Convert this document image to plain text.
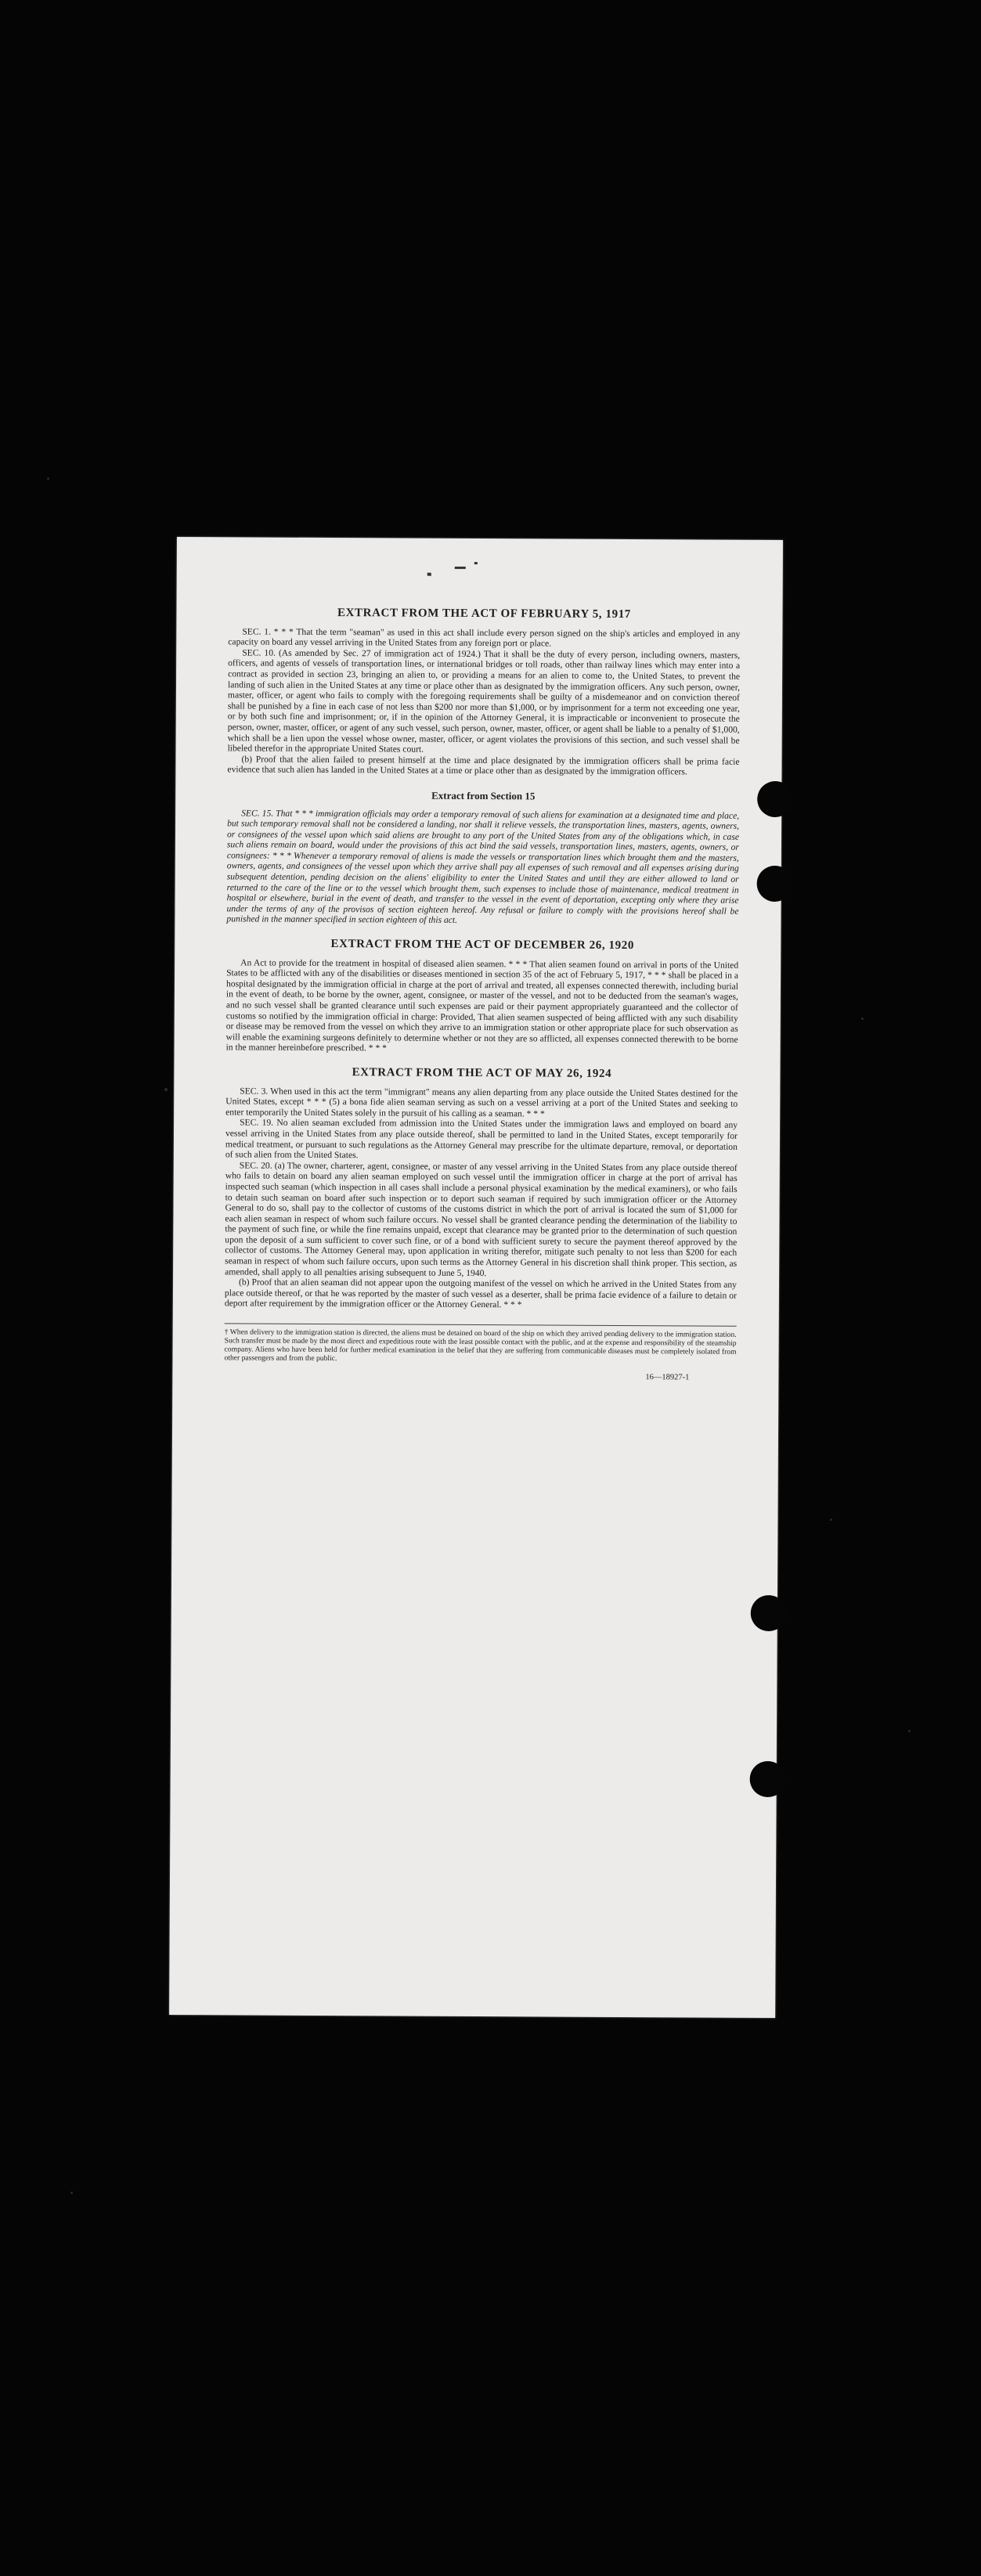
EXTRACT FROM THE ACT OF FEBRUARY 5, 1917

SEC. 1. * * * That the term "seaman" as used in this act shall include every person signed on the ship's articles and employed in any capacity on board any vessel arriving in the United States from any foreign port or place.

SEC. 10. (As amended by Sec. 27 of immigration act of 1924.) That it shall be the duty of every person, including owners, masters, officers, and agents of vessels of transportation lines, or international bridges or toll roads, other than railway lines which may enter into a contract as provided in section 23, bringing an alien to, or providing a means for an alien to come to, the United States, to prevent the landing of such alien in the United States at any time or place other than as designated by the immigration officers. Any such person, owner, master, officer, or agent who fails to comply with the foregoing requirements shall be guilty of a misdemeanor and on conviction thereof shall be punished by a fine in each case of not less than $200 nor more than $1,000, or by imprisonment for a term not exceeding one year, or by both such fine and imprisonment; or, if in the opinion of the Attorney General, it is impracticable or inconvenient to prosecute the person, owner, master, officer, or agent of any such vessel, such person, owner, master, officer, or agent shall be liable to a penalty of $1,000, which shall be a lien upon the vessel whose owner, master, officer, or agent violates the provisions of this section, and such vessel shall be libeled therefor in the appropriate United States court.

(b) Proof that the alien failed to present himself at the time and place designated by the immigration officers shall be prima facie evidence that such alien has landed in the United States at a time or place other than as designated by the immigration officers.

Extract from Section 15

SEC. 15. That * * * immigration officials may order a temporary removal of such aliens for examination at a designated time and place, but such temporary removal shall not be considered a landing, nor shall it relieve vessels, the transportation lines, masters, agents, owners, or consignees of the vessel upon which said aliens are brought to any port of the United States from any of the obligations which, in case such aliens remain on board, would under the provisions of this act bind the said vessels, transportation lines, masters, agents, owners, or consignees: * * * Whenever a temporary removal of aliens is made the vessels or transportation lines which brought them and the masters, owners, agents, and consignees of the vessel upon which they arrive shall pay all expenses of such removal and all expenses arising during subsequent detention, pending decision on the aliens' eligibility to enter the United States and until they are either allowed to land or returned to the care of the line or to the vessel which brought them, such expenses to include those of maintenance, medical treatment in hospital or elsewhere, burial in the event of death, and transfer to the vessel in the event of deportation, excepting only where they arise under the terms of any of the provisos of section eighteen hereof. Any refusal or failure to comply with the provisions hereof shall be punished in the manner specified in section eighteen of this act.

EXTRACT FROM THE ACT OF DECEMBER 26, 1920

An Act to provide for the treatment in hospital of diseased alien seamen. * * * That alien seamen found on arrival in ports of the United States to be afflicted with any of the disabilities or diseases mentioned in section 35 of the act of February 5, 1917, * * * shall be placed in a hospital designated by the immigration official in charge at the port of arrival and treated, all expenses connected therewith, including burial in the event of death, to be borne by the owner, agent, consignee, or master of the vessel, and not to be deducted from the seaman's wages, and no such vessel shall be granted clearance until such expenses are paid or their payment appropriately guaranteed and the collector of customs so notified by the immigration official in charge: Provided, That alien seamen suspected of being afflicted with any such disability or disease may be removed from the vessel on which they arrive to an immigration station or other appropriate place for such observation as will enable the examining surgeons definitely to determine whether or not they are so afflicted, all expenses connected therewith to be borne in the manner hereinbefore prescribed. * * *

EXTRACT FROM THE ACT OF MAY 26, 1924

SEC. 3. When used in this act the term "immigrant" means any alien departing from any place outside the United States destined for the United States, except * * * (5) a bona fide alien seaman serving as such on a vessel arriving at a port of the United States and seeking to enter temporarily the United States solely in the pursuit of his calling as a seaman. * * *

SEC. 19. No alien seaman excluded from admission into the United States under the immigration laws and employed on board any vessel arriving in the United States from any place outside thereof, shall be permitted to land in the United States, except temporarily for medical treatment, or pursuant to such regulations as the Attorney General may prescribe for the ultimate departure, removal, or deportation of such alien from the United States.

SEC. 20. (a) The owner, charterer, agent, consignee, or master of any vessel arriving in the United States from any place outside thereof who fails to detain on board any alien seaman employed on such vessel until the immigration officer in charge at the port of arrival has inspected such seaman (which inspection in all cases shall include a personal physical examination by the medical examiners), or who fails to detain such seaman on board after such inspection or to deport such seaman if required by such immigration officer or the Attorney General to do so, shall pay to the collector of customs of the customs district in which the port of arrival is located the sum of $1,000 for each alien seaman in respect of whom such failure occurs. No vessel shall be granted clearance pending the determination of the liability to the payment of such fine, or while the fine remains unpaid, except that clearance may be granted prior to the determination of such question upon the deposit of a sum sufficient to cover such fine, or of a bond with sufficient surety to secure the payment thereof approved by the collector of customs. The Attorney General may, upon application in writing therefor, mitigate such penalty to not less than $200 for each seaman in respect of whom such failure occurs, upon such terms as the Attorney General in his discretion shall think proper. This section, as amended, shall apply to all penalties arising subsequent to June 5, 1940.

(b) Proof that an alien seaman did not appear upon the outgoing manifest of the vessel on which he arrived in the United States from any place outside thereof, or that he was reported by the master of such vessel as a deserter, shall be prima facie evidence of a failure to detain or deport after requirement by the immigration officer or the Attorney General. * * *

† When delivery to the immigration station is directed, the aliens must be detained on board of the ship on which they arrived pending delivery to the immigration station. Such transfer must be made by the most direct and expeditious route with the least possible contact with the public, and at the expense and responsibility of the steamship company. Aliens who have been held for further medical examination in the belief that they are suffering from communicable diseases must be completely isolated from other passengers and from the public.
16—18927-1
